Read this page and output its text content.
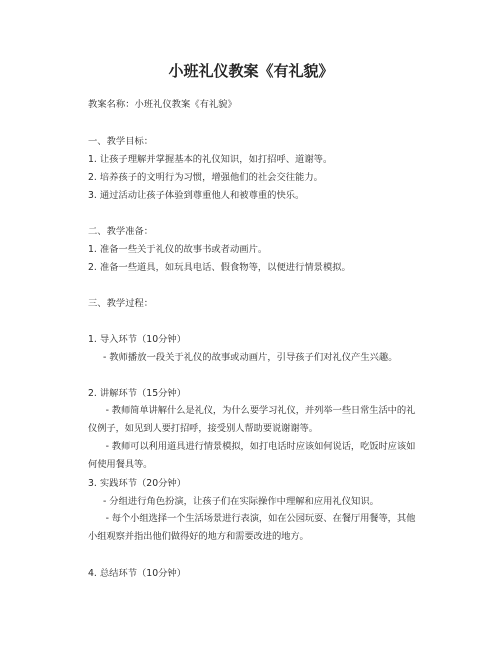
小班礼仪教案《有礼貌》
教案名称：小班礼仪教案《有礼貌》
一、教学目标：
1. 让孩子理解并掌握基本的礼仪知识，如打招呼、道谢等。
2. 培养孩子的文明行为习惯，增强他们的社会交往能力。
3. 通过活动让孩子体验到尊重他人和被尊重的快乐。
二、教学准备：
1. 准备一些关于礼仪的故事书或者动画片。
2. 准备一些道具，如玩具电话、假食物等，以便进行情景模拟。
三、教学过程：
1. 导入环节（10分钟）
- 教师播放一段关于礼仪的故事或动画片，引导孩子们对礼仪产生兴趣。
2. 讲解环节（15分钟）
- 教师简单讲解什么是礼仪，为什么要学习礼仪，并列举一些日常生活中的礼仪例子，如见到人要打招呼，接受别人帮助要说谢谢等。
- 教师可以利用道具进行情景模拟，如打电话时应该如何说话，吃饭时应该如何使用餐具等。
3. 实践环节（20分钟）
- 分组进行角色扮演，让孩子们在实际操作中理解和应用礼仪知识。
- 每个小组选择一个生活场景进行表演，如在公园玩耍、在餐厅用餐等，其他小组观察并指出他们做得好的地方和需要改进的地方。
4. 总结环节（10分钟）
